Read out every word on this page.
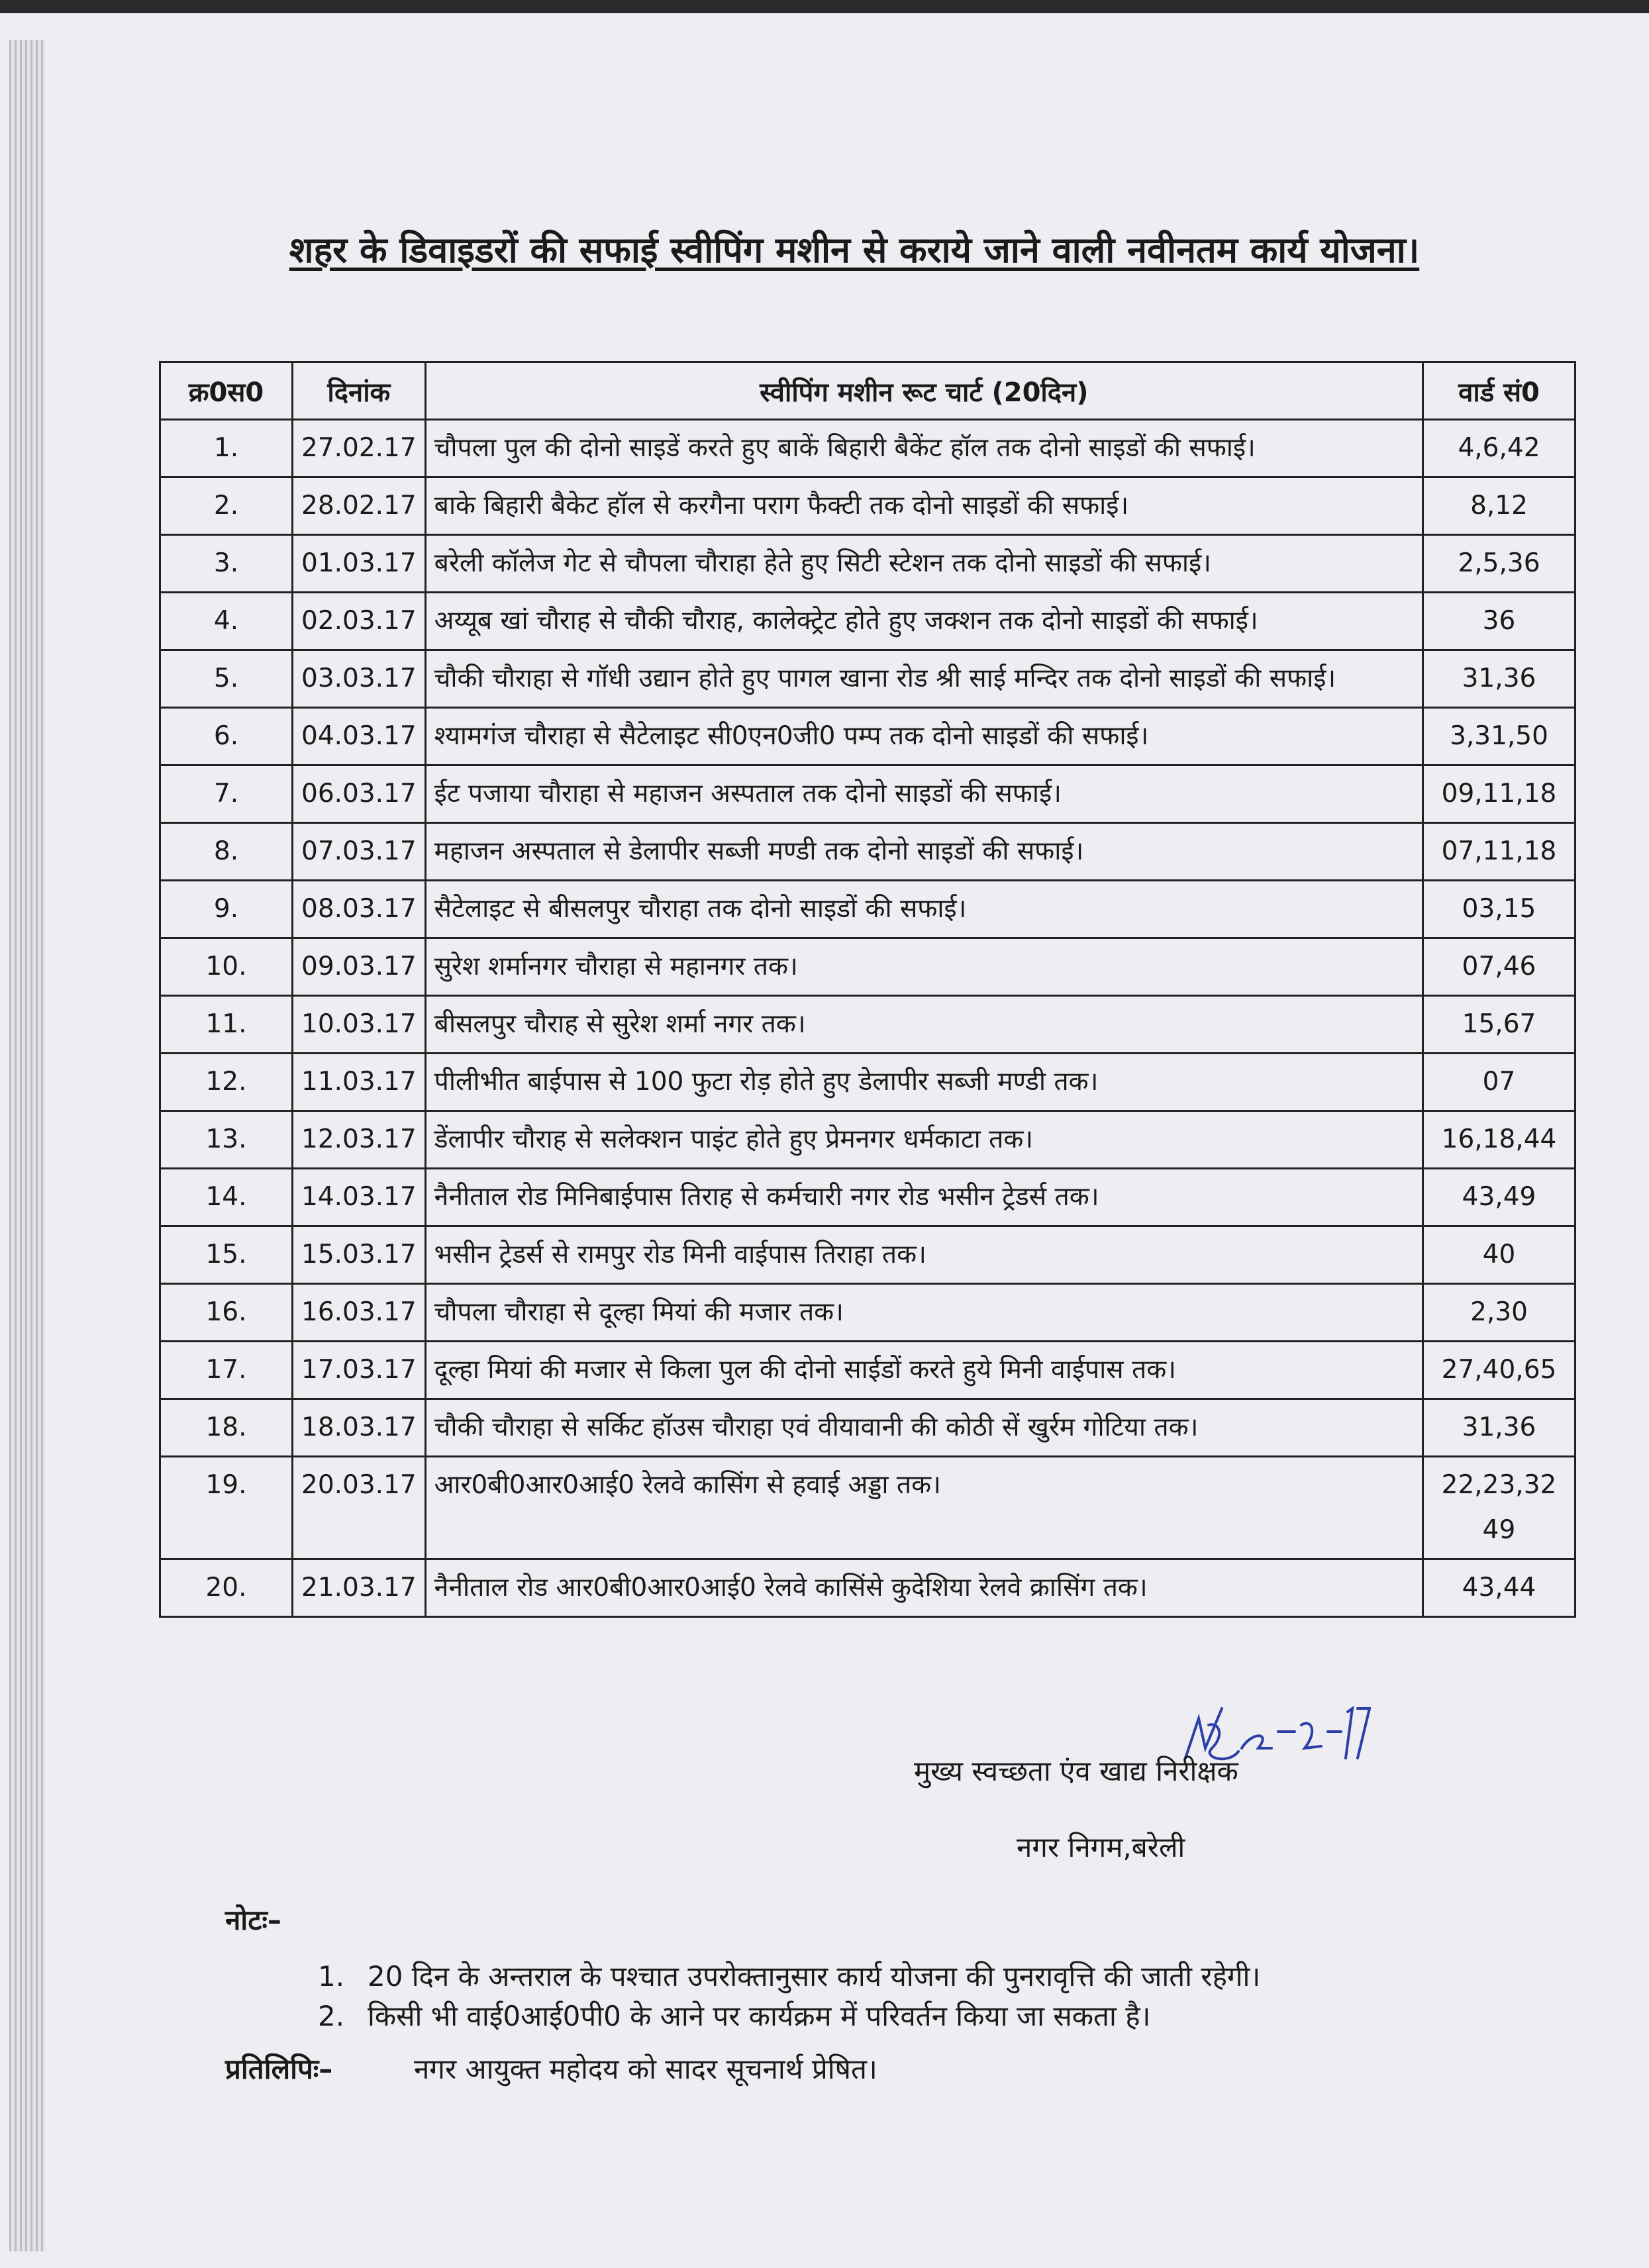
शहर के डिवाइडरों की सफाई स्वीपिंग मशीन से कराये जाने वाली नवीनतम कार्य योजना।
क्र0स0	दिनांक	स्वीपिंग मशीन रूट चार्ट (20दिन)	वार्ड सं0
1.	27.02.17	चौपला पुल की दोनो साइडें करते हुए बाकें बिहारी बैकेंट हॉल तक दोनो साइडों की सफाई।	4,6,42
2.	28.02.17	बाके बिहारी बैकेट हॉल से करगैना पराग फैक्टी तक दोनो साइडों की सफाई।	8,12
3.	01.03.17	बरेली कॉलेज गेट से चौपला चौराहा हेते हुए सिटी स्टेशन तक दोनो साइडों की सफाई।	2,5,36
4.	02.03.17	अय्यूब खां चौराह से चौकी चौराह, कालेक्ट्रेट होते हुए जक्शन तक दोनो साइडों की सफाई।	36
5.	03.03.17	चौकी चौराहा से गॉधी उद्यान होते हुए पागल खाना रोड श्री साई मन्दिर तक दोनो साइडों की सफाई।	31,36
6.	04.03.17	श्यामगंज चौराहा से सैटेलाइट सी0एन0जी0 पम्प तक दोनो साइडों की सफाई।	3,31,50
7.	06.03.17	ईट पजाया चौराहा से महाजन अस्पताल तक दोनो साइडों की सफाई।	09,11,18
8.	07.03.17	महाजन अस्पताल से डेलापीर सब्जी मण्डी तक दोनो साइडों की सफाई।	07,11,18
9.	08.03.17	सैटेलाइट से बीसलपुर चौराहा तक दोनो साइडों की सफाई।	03,15
10.	09.03.17	सुरेश शर्मानगर चौराहा से महानगर तक।	07,46
11.	10.03.17	बीसलपुर चौराह से सुरेश शर्मा नगर तक।	15,67
12.	11.03.17	पीलीभीत बाईपास से 100 फुटा रोड़ होते हुए डेलापीर सब्जी मण्डी तक।	07
13.	12.03.17	डेंलापीर चौराह से सलेक्शन पाइंट होते हुए प्रेमनगर धर्मकाटा तक।	16,18,44
14.	14.03.17	नैनीताल रोड मिनिबाईपास तिराह से कर्मचारी नगर रोड भसीन ट्रेडर्स तक।	43,49
15.	15.03.17	भसीन ट्रेडर्स से रामपुर रोड मिनी वाईपास तिराहा तक।	40
16.	16.03.17	चौपला चौराहा से दूल्हा मियां की मजार तक।	2,30
17.	17.03.17	दूल्हा मियां की मजार से किला पुल की दोनो साईडों करते हुये मिनी वाईपास तक।	27,40,65
18.	18.03.17	चौकी चौराहा से सर्किट हॉउस चौराहा एवं वीयावानी की कोठी सें खुर्रम गोटिया तक।	31,36
19.	20.03.17	आर0बी0आर0आई0 रेलवे कासिंग से हवाई अड्डा तक।	22,23,32 49
20.	21.03.17	नैनीताल रोड आर0बी0आर0आई0 रेलवे कासिंसे कुदेशिया रेलवे क्रासिंग तक।	43,44
मुख्य स्वच्छता एंव खाद्य निरीक्षक
नगर निगम,बरेली
नोटः–
1. 20 दिन के अन्तराल के पश्चात उपरोक्तानुसार कार्य योजना की पुनरावृत्ति की जाती रहेगी।
2. किसी भी वाई0आई0पी0 के आने पर कार्यक्रम में परिवर्तन किया जा सकता है।
प्रतिलिपिः–	नगर आयुक्त महोदय को सादर सूचनार्थ प्रेषित।
